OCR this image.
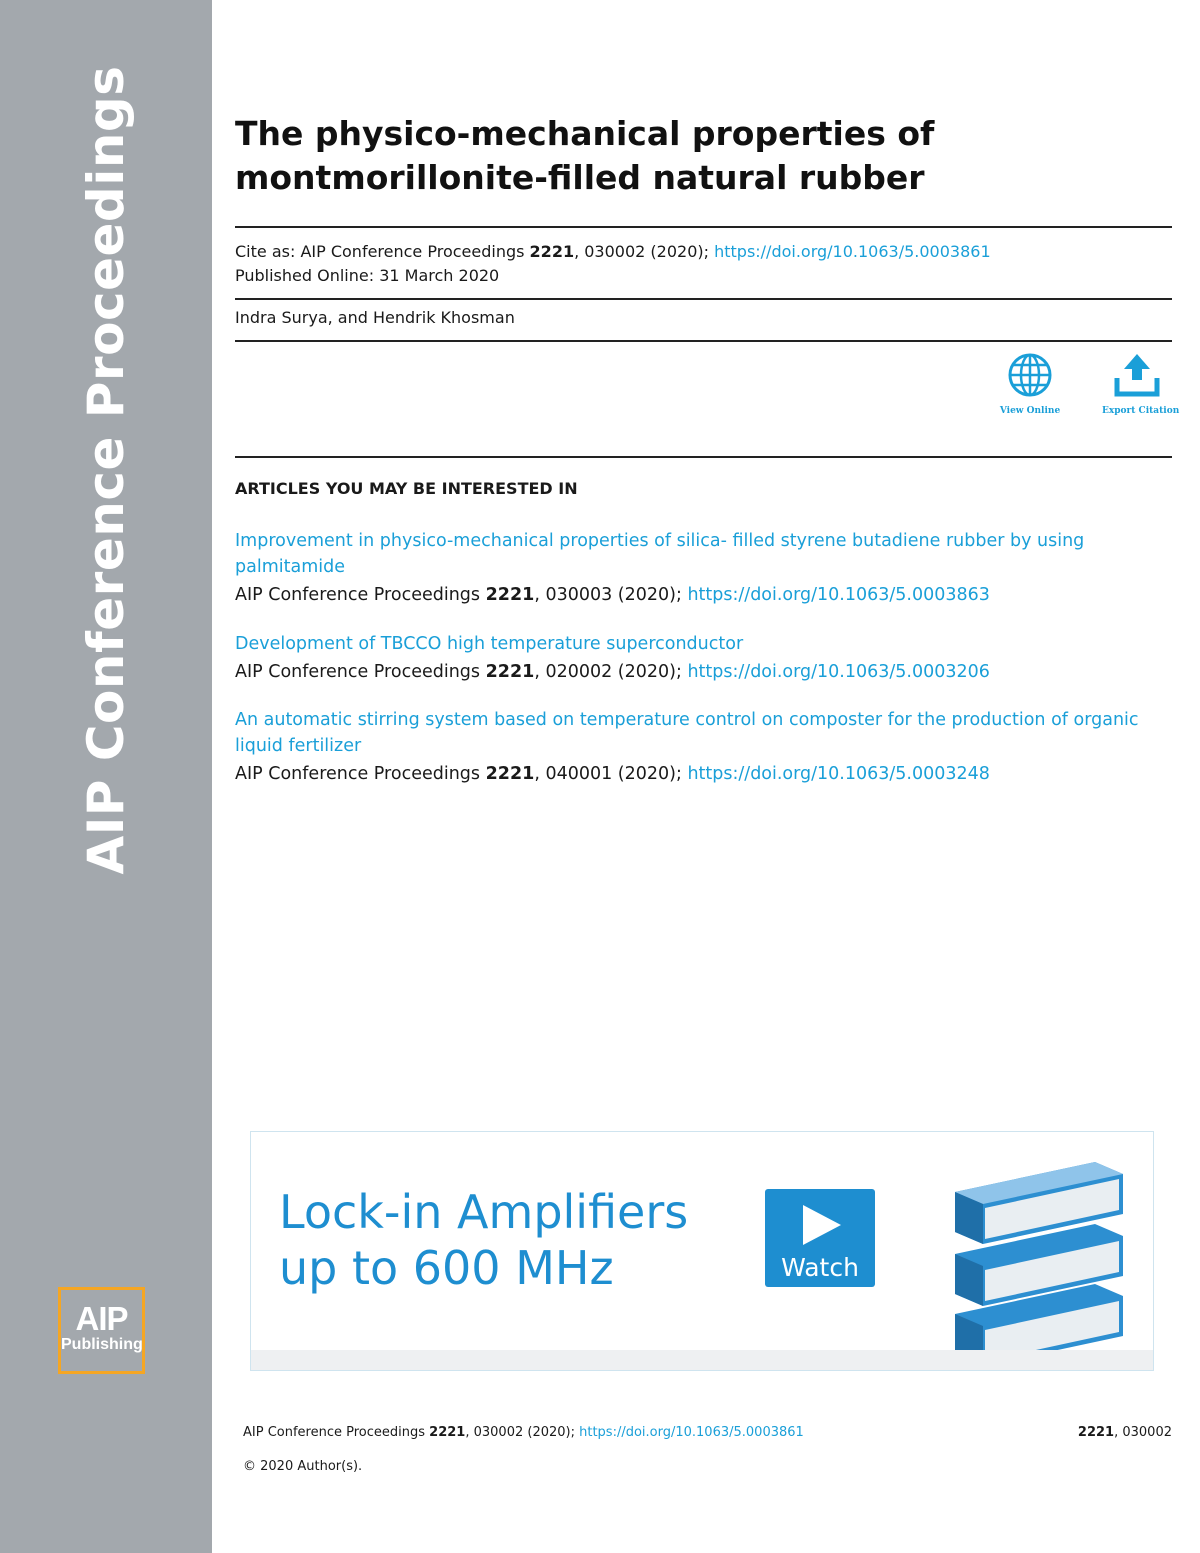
AIP Conference Proceedings
AIP
Publishing
The physico-mechanical properties of montmorillonite-filled natural rubber
Cite as: AIP Conference Proceedings 2221, 030002 (2020); https://doi.org/10.1063/5.0003861
Published Online: 31 March 2020
Indra Surya, and Hendrik Khosman
View Online	Export Citation
ARTICLES YOU MAY BE INTERESTED IN
Improvement in physico-mechanical properties of silica- filled styrene butadiene rubber by using palmitamide
AIP Conference Proceedings 2221, 030003 (2020); https://doi.org/10.1063/5.0003863
Development of TBCCO high temperature superconductor
AIP Conference Proceedings 2221, 020002 (2020); https://doi.org/10.1063/5.0003206
An automatic stirring system based on temperature control on composter for the production of organic liquid fertilizer
AIP Conference Proceedings 2221, 040001 (2020); https://doi.org/10.1063/5.0003248
Lock-in Amplifiers
up to 600 MHz	Watch
AIP Conference Proceedings 2221, 030002 (2020); https://doi.org/10.1063/5.0003861	2221, 030002
© 2020 Author(s).
